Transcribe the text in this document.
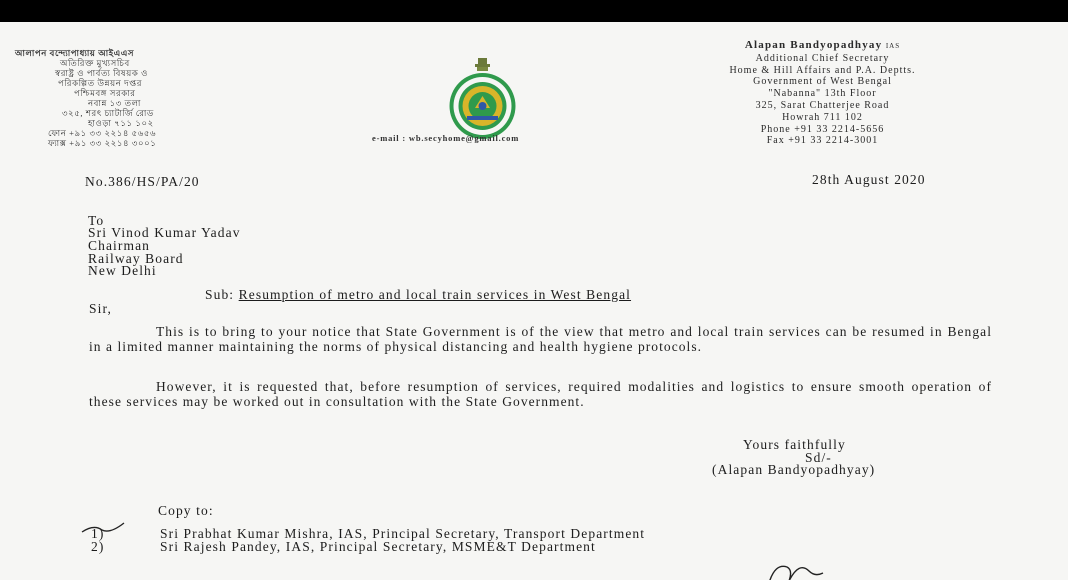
আলাপন বন্দ্যোপাধ্যায় আইএএস
অতিরিক্ত মুখ্যসচিব
স্বরাষ্ট্র ও পার্বত্য বিষয়ক ও
পরিকল্পিত উন্নয়ন দপ্তর
পশ্চিমবঙ্গ সরকার
নবান্ন ১৩ তলা
৩২৫, শরৎ চ্যাটার্জি রোড
হাওড়া ৭১১ ১০২
ফোন +৯১ ৩৩ ২২১৪ ৫৬৫৬
ফ্যাক্স +৯১ ৩৩ ২২১৪ ৩০০১	e-mail : wb.secyhome@gmail.com
Alapan Bandyopadhyay IAS
Additional Chief Secretary
Home & Hill Affairs and P.A. Deptts.
Government of West Bengal
"Nabanna" 13th Floor
325, Sarat Chatterjee Road
Howrah 711 102
Phone +91 33 2214-5656
Fax +91 33 2214-3001
No.386/HS/PA/20	28th August 2020
To
Sri Vinod Kumar Yadav
Chairman
Railway Board
New Delhi
Sub: Resumption of metro and local train services in West Bengal
Sir,
This is to bring to your notice that State Government is of the view that metro and local train services can be resumed in Bengal in a limited manner maintaining the norms of physical distancing and health hygiene protocols.
However, it is requested that, before resumption of services, required modalities and logistics to ensure smooth operation of these services may be worked out in consultation with the State Government.
Yours faithfully
Sd/-
(Alapan Bandyopadhyay)
Copy to:
1)	Sri Prabhat Kumar Mishra, IAS, Principal Secretary, Transport Department
2)	Sri Rajesh Pandey, IAS, Principal Secretary, MSME&T Department
